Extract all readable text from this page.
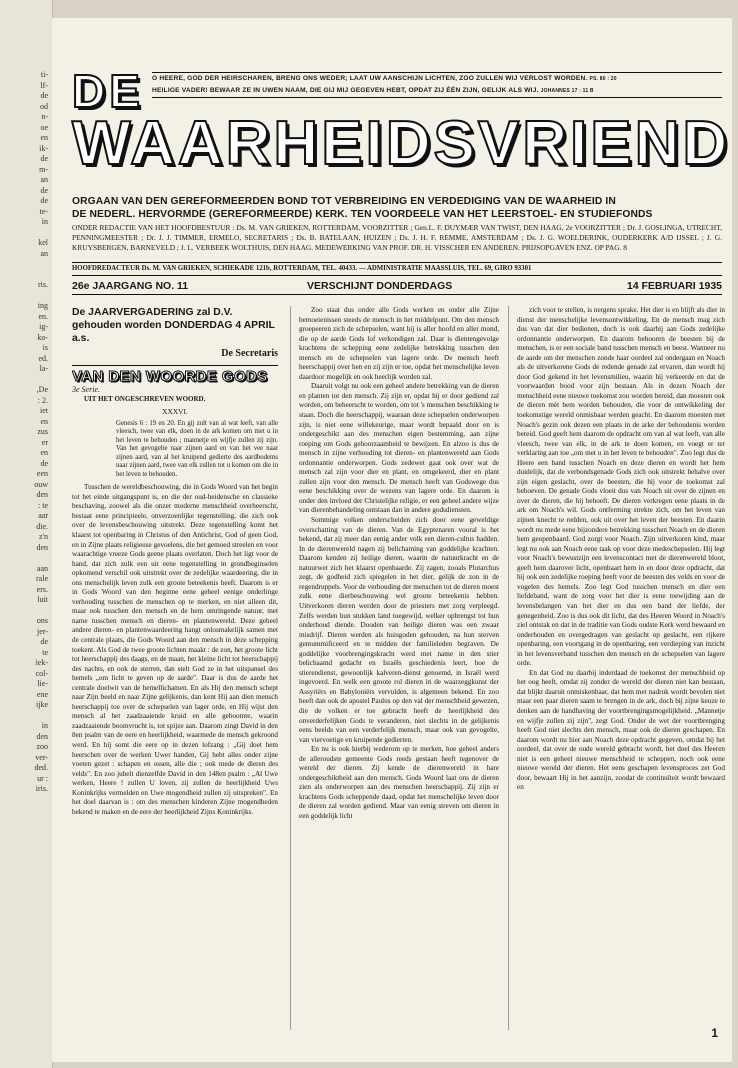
ti-
lf-
de
od
n-
oe
en
ik-
de
m-
an
de
de
te-
in

kel
an

ris.

ing
en.
ig-
ko-
is
ed.
la-

,De
: 2.
iet
en
zus
er
en
de
een
ouw
den
: te
aar
die.
z'n
den

aan
rale
ers.
luit

ons
jer-
de
te
iek-
col-
lie-
ene
ijke

in
den
zoo
ver-
ded.
ur :
iris.
DE O HEERE, GOD DER HEIRSCHAREN, BRENG ONS WEDER; LAAT UW AANSCHIJN LICHTEN, ZOO ZULLEN WIJ VERLOST WORDEN. PS. 80 : 20
HEILIGE VADER! BEWAAR ZE IN UWEN NAAM, DIE GIJ MIJ GEGEVEN HEBT, OPDAT ZIJ ÉÉN ZIJN, GELIJK ALS WIJ. JOHANNES 17 : 11 B
WAARHEIDSVRIEND
ORGAAN VAN DEN GEREFORMEERDEN BOND TOT VERBREIDING EN VERDEDIGING VAN DE WAARHEID IN
DE NEDERL. HERVORMDE (GEREFORMEERDE) KERK. TEN VOORDEELE VAN HET LEERSTOEL- EN STUDIEFONDS
ONDER REDACTIE VAN HET HOOFDBESTUUR : Ds. M. VAN GRIEKEN, ROTTERDAM, VOORZITTER ; Gen.L. F. DUYMÆR VAN TWIST, DEN HAAG, 2e VOORZITTER ; Dr. J. GOSLINGA, UTRECHT, PENNINGMEESTER ; Dr. J. J. TIMMER, ERMELO, SECRETARIS ; Ds. B. BATELAAN, HUIZEN ; Ds. J. H. F. REMME, AMSTERDAM ; Ds. J. G. WOELDERINK, OUDERKERK A/D IJSSEL ; J. G. KRUYSBERGEN, BARNEVELD ; J. L. VERBEEK WOLTHUIS, DEN HAAG. MEDEWERKING VAN PROF. DR. H. VISSCHER EN ANDEREN. PRIJSOPGAVEN ENZ. OP PAG. 8
HOOFDREDACTEUR Ds. M. VAN GRIEKEN, SCHIEKADE 121b, ROTTERDAM, TEL. 40433. — ADMINISTRATIE MAASSLUIS, TEL. 69, GIRO 93301
26e JAARGANG NO. 11	VERSCHIJNT DONDERDAGS	14 FEBRUARI 1935
De JAARVERGADERING zal D.V. gehouden worden DONDERDAG 4 APRIL a.s.
De Secretaris
VAN DEN WOORDE GODS
3e Serie.
UIT HET ONGESCHREVEN WOORD.
XXXVI.
Genesis 6 : 19 en 20. En gij zult van al wat leeft, van alle vleesch, twee van elk, doen in de ark komen om met u in het leven te behouden ; mannetje en wijfje zullen zij zijn. Van het gevogelte naar zijnen aard en van het vee naar zijnen aard, van al het kruipend gedierte des aardbodems naar zijnen aard, twee van elk zullen tot u komen om die in het leven te behouden.

Tusschen de wereldbeschouwing, die in Gods Woord van het begin tot het einde uitgangspunt is, en die der oud-heidensche en classieke beschaving, zoowel als die onzer moderne menschheid overheerscht, bestaat eene principieele, onverzoenlijke tegenstelling, die zich ook over de levensbeschouwing uitstrekt. Deze tegenstelling komt het klaarst tot openbaring in Christus of den Antichrist, God of geen God, en in Zijne plaats religieuse gevoelens, die het gemoed streelen en voor waarachtige vreeze Gods geene plaats overlaten. Doch het ligt voor de hand, dat zich zulk een uit eene tegenstelling in grondbeginselen opkomend verschil ook uitstrekt over de zedelijke waardeering, die in ons menschelijk leven zulk een groote beteekenis heeft. Daarom is er in Gods Woord van den beginne eene geheel eenige onderlinge verhouding tusschen de menschen op te merken, en niet alleen dit, maar ook tusschen den mensch en de hem omringende natuur, met name tusschen mensch en dieren- en plantenwereld. Deze geheel andere dieren- en plantenwaardeering hangt onlosmakelijk samen met de centrale plaats, die Gods Woord aan den mensch in deze schepping toekent. Als God de twee groote lichten maakt : de zon, het groote licht tot heerschappij des daags, en de maan, het kleine licht tot heerschappij des nachts, en ook de sterren, dan stelt God ze in het uitspansel des hemels „om licht te geven op de aarde". Daar is dus de aarde het centrale doelwit van de hemellichamen. En als Hij den mensch schept naar Zijn beeld en naar Zijne gelijkenis, dan kent Hij aan dien mensch heerschappij toe over de schepselen van lager orde, en Hij wijst den mensch al het zaadzaaiende kruid en alle geboomte, waarin zaadzaaiende boomvrucht is, tot spijze aan. Daarom zingt David in den 8en psalm van de eere en heerlijkheid, waarmede de mensch gekroond werd. En hij somt die eere op in dezen lofzang : „Gij doet hem heerschen over de werken Uwer handen, Gij hebt alles onder zijne voeten gezet : schapen en ossen, alle die ; ook mede de dieren des velds". En zoo jubelt dienzelfde David in den 148en psalm : „Al Uwe werken, Heere ! zullen U loven, zij zullen de heerlijkheid Uws Koninkrijks vermelden en Uwe mogendheid zullen zij uitspreken". En het doel daarvan is : om des menschen kinderen Zijne mogendheden bekend te maken en de eere der heerlijkheid Zijns Koninkrijks.

Zoo staat dus onder alle Gods werken en onder alle Zijne bemoeienissen steeds de mensch in het middelpunt. Om den mensch groepeeren zich de schepselen, want hij is aller hoofd en aller mond, die op de aarde Gods lof verkondigen zal. Daar is dientengevolge krachtens de schepping eene zedelijke betrekking tusschen den mensch en de schepselen van lagere orde. De mensch heeft heerschappij over hen en zij zijn er toe, opdat het menschelijke leven daardoor mogelijk en ook heerlijk worden zal.

Daaruit volgt nu ook een geheel andere betrekking van de dieren en planten tot den mensch. Zij zijn er, opdat hij er door gediend zal worden, om beheerscht te worden, om tot 's menschen beschikking te staan. Doch die heerschappij, waaraan deze schepselen onderworpen zijn, is niet eene willekeurige, maar wordt bepaald door en is ondergeschikt aan des menschen eigen bestemming, aan zijne roeping om Gods gehoorzaamheid te bewijzen. En alzoo is dus de mensch in zijne verhouding tot dieren- en plantenwereld aan Gods ordonnantie onderworpen. Gods zedewet gaat ook over wat de mensch zal zijn voor dier en plant, en omgekeerd, dier en plant zullen zijn voor den mensch. De mensch heeft van Godswege dus eene beschikking over de wezens van lagere orde. En daarom is onder den invloed der Christelijke religie, er een geheel andere wijze van dierenbehandeling ontstaan dan in andere godsdiensten.

Sommige volken onderscheiden zich door eene geweldige overschatting van de dieren. Van de Egyptenaren vooral is het bekend, dat zij meer dan eenig ander volk een dieren-cultus hadden. In de dierenwereld nagen zij belichaming van goddelijke krachten. Daarom kenden zij heilige dieren, waarin de natuurkracht en de natuurwet zich het klaarst openbaarde. Zij zagen, zooals Plutarchus zegt, de godheid zich spiegelen in het dier, gelijk de zon in de regendruppels. Voor de verhouding der menschen tot de dieren moest zulk eene dierbeschouwing wel groote beteekenis hebben. Uitverkoren dieren werden door de priesters met zorg verpleegd. Zelfs werden hun stukken land toegewijd, welker opbrengst tot hun onderhoud diende. Dooden van heilige dieren was een zwaar misdrijf. Dieren werden als huisgoden gehouden, na hun sterven gemummificeerd en te midden der familieleden begraven. De goddelijke voorbrengingskracht werd met name in den stier belichaamd gedacht en Israëls geschiedenis leert, hoe de stierendienst, gewoonlijk kalveren-dienst genoemd, in Israël werd ingevoerd. En welk een groote rol dieren in de waarzeggkunst der Assyriërs en Babyloniërs vervulden, is algemeen bekend. En zoo heeft dan ook de apostel Paulus op den val der menschheid gewezen, die de volken er toe gebracht heeft de heerlijkheid des onverderfelijken Gods te veranderen, niet slechts in de gelijkenis eens beelds van een verderfelijk mensch, maar ook van gevogelte, van viervoetige en kruipende gedierten.

En nu is ook hierbij wederom op te merken, hoe geheel anders de alleroudste gemeente Gods reeds gestaan heeft tegenover de wereld der dieren. Zij kende de dierenwereld in hare ondergeschiktheid aan den mensch. Gods Woord laat ons de dieren zien als onderworpen aan des menschen heerschappij. Zij zijn er krachtens Gods scheppende daad, opdat het menschelijke leven door de dieren zal worden gediend. Maar van eenig streven om dieren in een goddelijk licht

zich voor te stellen, is nergens sprake. Het dier is en blijft als dier in dienst der menschelijke levensontwikkeling. En de mensch mag zich dus van dat dier bedienen, doch is ook daarbij aan Gods zedelijke ordonnantie onderworpen. En daarom behooren de beesten bij de menschen, is er een sociale band tusschen mensch en beest. Wanneer nu de aarde om der menschen zonde haar oordeel zal ondergaan en Noach als de uitverkorene Gods de redende genade zal ervaren, dan wordt hij door God gekend in het levensmilieu, waarin hij verkeerde en dat de voorwaarden bood voor zijn bestaan. Als in dezen Noach der menschheid eene nieuwe toekomst zou worden bereid, dan moesten ook de dieren mèt hem worden behouden, die voor de ontwikkeling der toekomstige wereld onmisbaar werden geacht. En daarom moesten met Noach's gezin ook dezen een plaats in de arke der behoudenis worden bereid. God geeft hem daarom de opdracht om van al wat leeft, van alle vleesch, twee van elk, in de ark te doen komen, en voegt er ter verklaring aan toe „om met u in het leven te behouden". Zoo legt dus de Heere een band tusschen Noach en deze dieren en wordt het hem duidelijk, dat de verbondsgenade Gods zich ook uitstrekt behalve over zijn eigen geslacht, over de beesten, die hij voor de toekomst zal behoeven. De genade Gods vloeit dus van Noach uit over de zijnen en over de dieren, die hij behoeft. De dieren verkregen eene plaats in de ark om Noach's wil. Gods ontferming strekte zich, om het leven van zijnen knecht te redden, ook uit over het leven der beesten. En daarin wordt nu mede eene bijzondere betrekking tusschen Noach en de dieren hem geopenbaard. God zorgt voor Noach. Zijn uitverkoren kind, maar legt nu ook aan Noach eene taak op voor deze medeschepselen. Hij legt voor Noach's bewustzijn een levenscontact met de dierenwereld bloot, geeft hem daarover licht, openbaart hem in en door deze opdracht, dat hij ook een zedelijke roeping heeft voor de beesten des velds en voor de vogelen des hemels. Zoo legt God tusschen mensch en dier een liefdeband, want de zorg voor het dier is eene toewijding aan de levensbelangen van het dier en dus een band der liefde, der genegenheid. Zoo is dus ook dit licht, dat des Heeren Woord in Noach's ziel ontstak en dat in de traditie van Gods oudste Kerk werd bewaard en onderhouden en overgedragen van geslacht op geslacht, een rijkere openbaring, een voortgang in de openbaring, een verdieping van inzicht in het levensverband tusschen den mensch en de schepselen van lagere orde.

En dat God nu daarbij inderdaad de toekomst der menschheid op het oog heeft, omdat zij zonder de wereld der dieren niet kan bestaan, dat blijkt daaruit onmiskenbaar, dat hem met nadruk wordt bevolen niet maar een paar dieren saam te brengen in de ark, doch bij zijne keuze te denken aan de handhaving der voortbrengingsmogelijkheid. „Mannetje en wijfje zullen zij zijn", zegt God. Onder de wet der voortbrenging heeft God niet slechts den mensch, maar ook de dieren geschapen. En daarom wordt nu hier aan Noach deze opdracht gegeven, omdat bij het oordeel, dat over de oude wereld gebracht wordt, het doel des Heeren niet is een geheel nieuwe menschheid te scheppen, noch ook eene nieuwe wereld der dieren. Het eens geschapen levensproces zet God door, bewaart Hij in het aanzijn, zoodat de continuïteit wordt bewaard en

1
